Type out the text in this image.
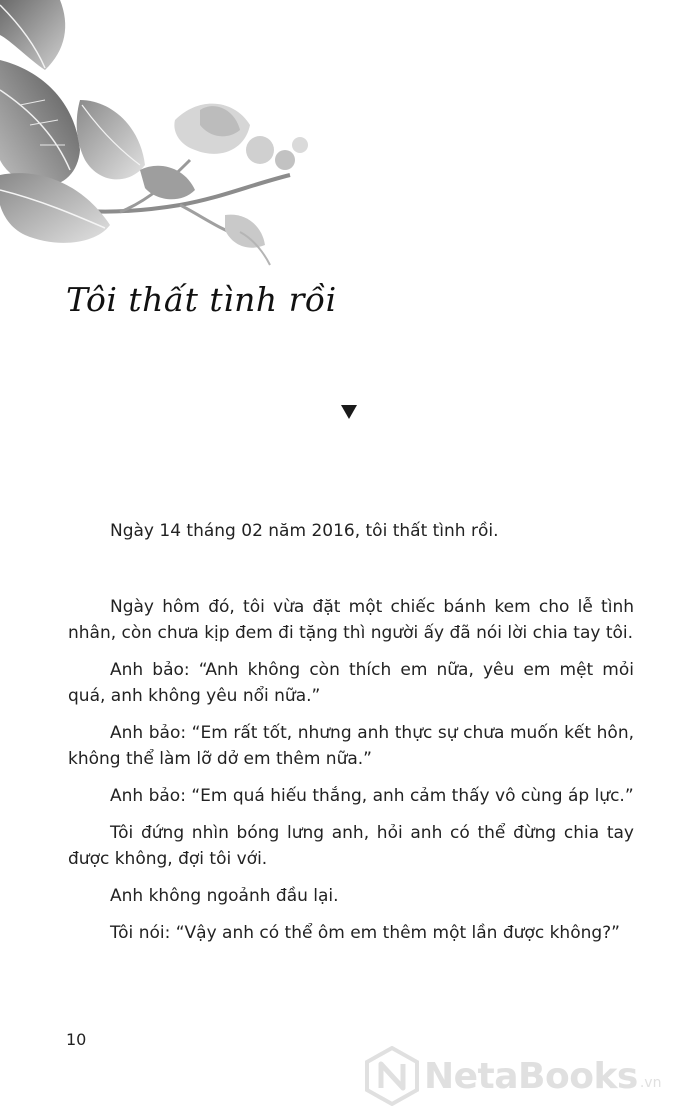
Tôi thất tình rồi

Ngày 14 tháng 02 năm 2016, tôi thất tình rồi.

Ngày hôm đó, tôi vừa đặt một chiếc bánh kem cho lễ tình nhân, còn chưa kịp đem đi tặng thì người ấy đã nói lời chia tay tôi.

Anh bảo: “Anh không còn thích em nữa, yêu em mệt mỏi quá, anh không yêu nổi nữa.”

Anh bảo: “Em rất tốt, nhưng anh thực sự chưa muốn kết hôn, không thể làm lỡ dở em thêm nữa.”

Anh bảo: “Em quá hiếu thắng, anh cảm thấy vô cùng áp lực.”

Tôi đứng nhìn bóng lưng anh, hỏi anh có thể đừng chia tay được không, đợi tôi với.

Anh không ngoảnh đầu lại.

Tôi nói: “Vậy anh có thể ôm em thêm một lần được không?”

10
NetaBooks .vn
